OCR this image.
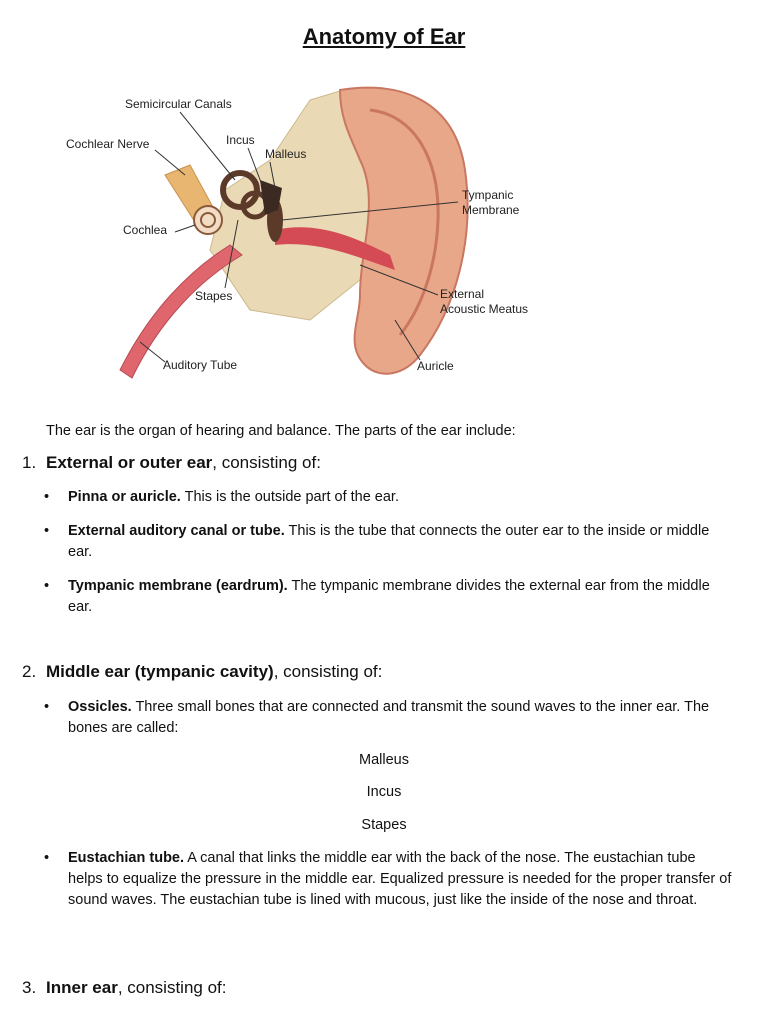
Anatomy of Ear
Semicircular Canals
Cochlear Nerve	Incus
Malleus
Tympanic
Membrane
Cochlea
Stapes	External
Acoustic Meatus
Auditory Tube	Auricle
The ear is the organ of hearing and balance. The parts of the ear include:
1. External or outer ear, consisting of:
• Pinna or auricle. This is the outside part of the ear.
• External auditory canal or tube. This is the tube that connects the outer ear to the inside or middle ear.
• Tympanic membrane (eardrum). The tympanic membrane divides the external ear from the middle ear.
2. Middle ear (tympanic cavity), consisting of:
• Ossicles. Three small bones that are connected and transmit the sound waves to the inner ear. The bones are called:
Malleus
Incus
Stapes
• Eustachian tube. A canal that links the middle ear with the back of the nose. The eustachian tube helps to equalize the pressure in the middle ear. Equalized pressure is needed for the proper transfer of sound waves. The eustachian tube is lined with mucous, just like the inside of the nose and throat.
3. Inner ear, consisting of:
